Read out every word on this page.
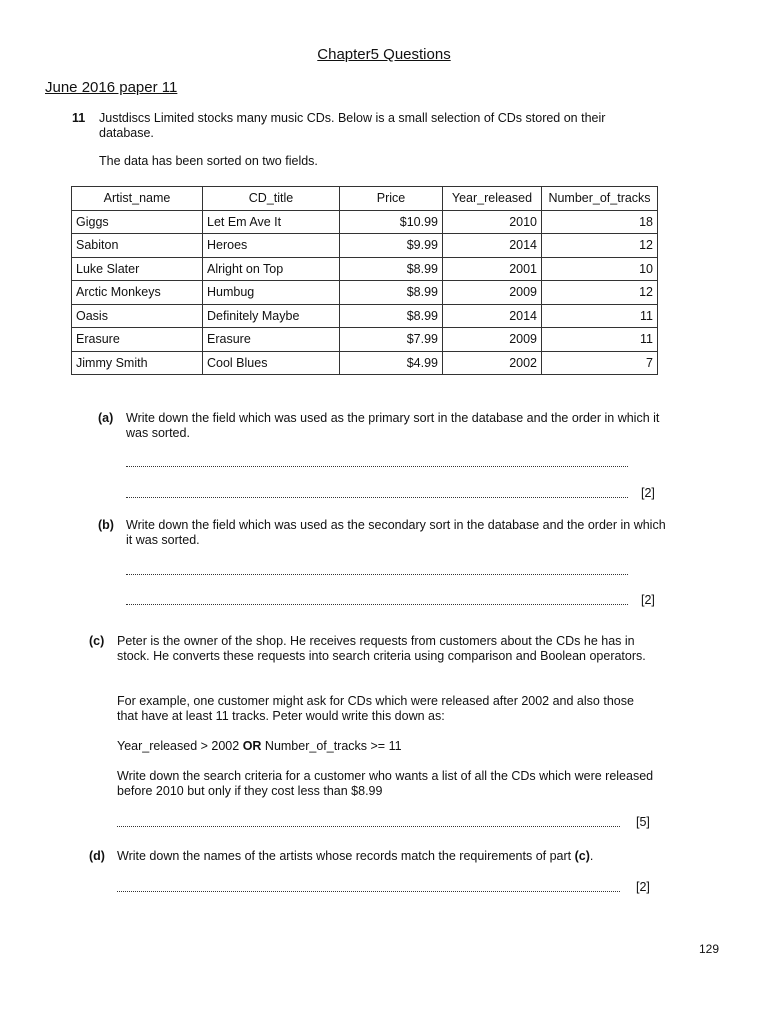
Chapter5 Questions
June 2016 paper 11
11 Justdiscs Limited stocks many music CDs. Below is a small selection of CDs stored on their database.
The data has been sorted on two fields.
Artist_name	CD_title	Price	Year_released	Number_of_tracks
Giggs	Let Em Ave It	$10.99	2010	18
Sabiton	Heroes	$9.99	2014	12
Luke Slater	Alright on Top	$8.99	2001	10
Arctic Monkeys	Humbug	$8.99	2009	12
Oasis	Definitely Maybe	$8.99	2014	11
Erasure	Erasure	$7.99	2009	11
Jimmy Smith	Cool Blues	$4.99	2002	7
(a) Write down the field which was used as the primary sort in the database and the order in which it was sorted.
[2]
(b) Write down the field which was used as the secondary sort in the database and the order in which it was sorted.
[2]
(c) Peter is the owner of the shop. He receives requests from customers about the CDs he has in stock. He converts these requests into search criteria using comparison and Boolean operators.
For example, one customer might ask for CDs which were released after 2002 and also those that have at least 11 tracks. Peter would write this down as:
Year_released > 2002 OR Number_of_tracks >= 11
Write down the search criteria for a customer who wants a list of all the CDs which were released before 2010 but only if they cost less than $8.99
[5]
(d) Write down the names of the artists whose records match the requirements of part (c).
[2]
129
